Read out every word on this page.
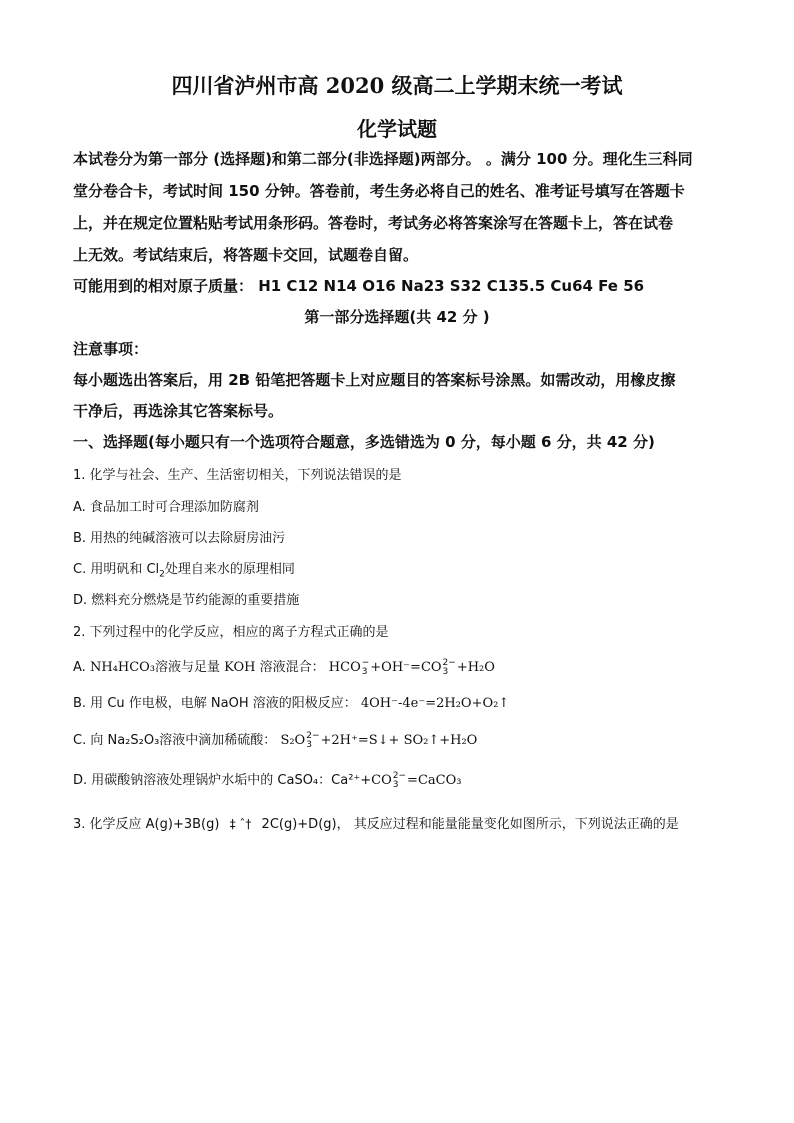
四川省泸州市高 2020 级高二上学期末统一考试
化学试题
本试卷分为第一部分 (选择题)和第二部分(非选择题)两部分。 。满分 100 分。理化生三科同
堂分卷合卡，考试时间 150 分钟。答卷前，考生务必将自己的姓名、准考证号填写在答题卡
上，并在规定位置粘贴考试用条形码。答卷时，考试务必将答案涂写在答题卡上，答在试卷
上无效。考试结束后，将答题卡交回，试题卷自留。
可能用到的相对原子质量： H1 C12 N14 O16 Na23 S32 C135.5 Cu64 Fe 56
第一部分选择题(共 42 分 )
注意事项：
每小题选出答案后，用 2B 铅笔把答题卡上对应题目的答案标号涂黑。如需改动，用橡皮擦
干净后，再选涂其它答案标号。
一、选择题(每小题只有一个选项符合题意，多选错选为 0 分，每小题 6 分，共 42 分)
1. 化学与社会、生产、生活密切相关，下列说法错误的是
A. 食品加工时可合理添加防腐剂
B. 用热的纯碱溶液可以去除厨房油污
C. 用明矾和 $Cl_2$处理自来水的原理相同
D. 燃料充分燃烧是节约能源的重要措施
2. 下列过程中的化学反应，相应的离子方程式正确的是
A. NH₄HCO₃溶液与足量 KOH 溶液混合： HCO−
3 +OH⁻=CO2−
3 +H₂O
B. 用 Cu 作电极，电解 NaOH 溶液的阳极反应： 4OH⁻-4e⁻=2H₂O+O₂↑
C. 向 Na₂S₂O₃溶液中滴加稀硫酸： S₂O2−
3 +2H⁺=S↓+ SO₂↑+H₂O
D. 用碳酸钠溶液处理锅炉水垢中的 CaSO₄：Ca²⁺+CO2−
3 =CaCO₃
3. 化学反应 A(g)+3B(g) ‡ ˆ† 2C(g)+D(g)， 其反应过程和能量能量变化如图所示，下列说法正确的是
